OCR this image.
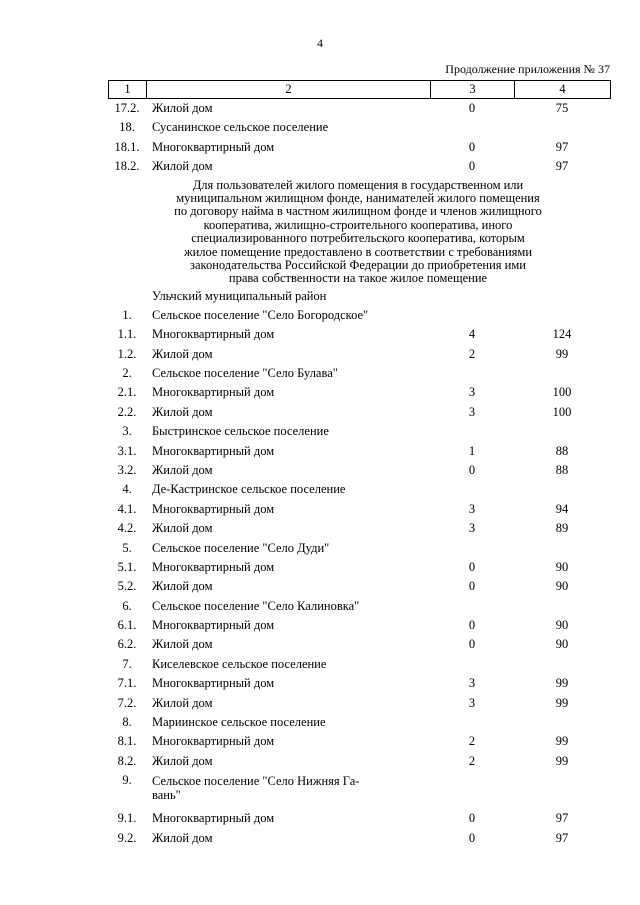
4
Продолжение приложения № 37
1	2	3	4
17.2.	Жилой дом	0	75
18.	Сусанинское сельское поселение
18.1.	Многоквартирный дом	0	97
18.2.	Жилой дом	0	97
Для пользователей жилого помещения в государственном или
муниципальном жилищном фонде, нанимателей жилого помещения
по договору найма в частном жилищном фонде и членов жилищного
кооператива, жилищно-строительного кооператива, иного
специализированного потребительского кооператива, которым
жилое помещение предоставлено в соответствии с требованиями
законодательства Российской Федерации до приобретения ими
права собственности на такое жилое помещение
Ульчский муниципальный район
1.	Сельское поселение "Село Богородское"
1.1.	Многоквартирный дом	4	124
1.2.	Жилой дом	2	99
2.	Сельское поселение "Село Булава"
2.1.	Многоквартирный дом	3	100
2.2.	Жилой дом	3	100
3.	Быстринское сельское поселение
3.1.	Многоквартирный дом	1	88
3.2.	Жилой дом	0	88
4.	Де-Кастринское сельское поселение
4.1.	Многоквартирный дом	3	94
4.2.	Жилой дом	3	89
5.	Сельское поселение "Село Дуди"
5.1.	Многоквартирный дом	0	90
5.2.	Жилой дом	0	90
6.	Сельское поселение "Село Калиновка"
6.1.	Многоквартирный дом	0	90
6.2.	Жилой дом	0	90
7.	Киселевское сельское поселение
7.1.	Многоквартирный дом	3	99
7.2.	Жилой дом	3	99
8.	Мариинское сельское поселение
8.1.	Многоквартирный дом	2	99
8.2.	Жилой дом	2	99
9.	Сельское поселение "Село Нижняя Га-
вань"
9.1.	Многоквартирный дом	0	97
9.2.	Жилой дом	0	97
